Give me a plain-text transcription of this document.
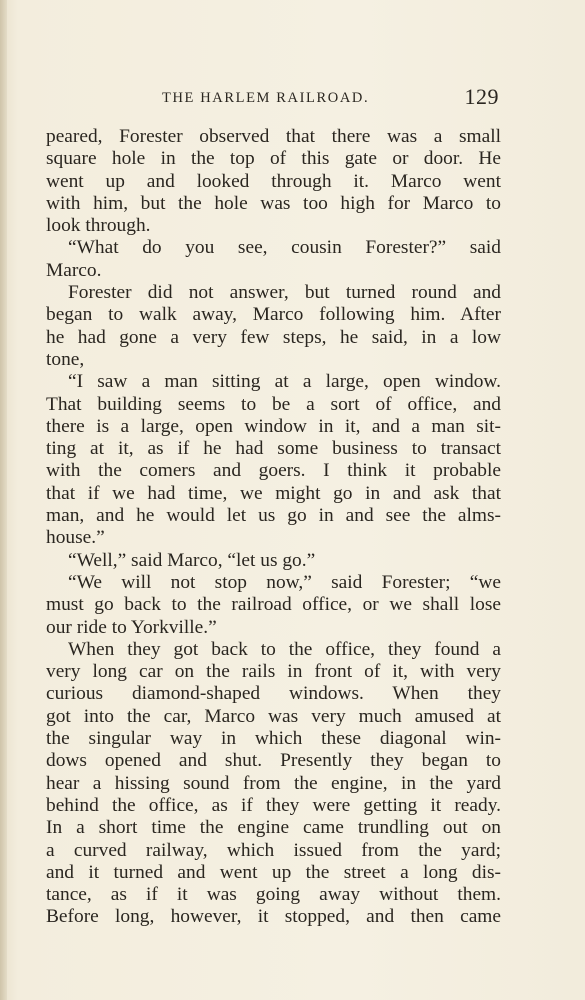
THE HARLEM RAILROAD.	129
peared, Forester observed that there was a small
square hole in the top of this gate or door. He
went up and looked through it. Marco went
with him, but the hole was too high for Marco to
look through.
“What do you see, cousin Forester?” said
Marco.
Forester did not answer, but turned round and
began to walk away, Marco following him. After
he had gone a very few steps, he said, in a low
tone,
“I saw a man sitting at a large, open window.
That building seems to be a sort of office, and
there is a large, open window in it, and a man sit-
ting at it, as if he had some business to transact
with the comers and goers. I think it probable
that if we had time, we might go in and ask that
man, and he would let us go in and see the alms-
house.”
“Well,” said Marco, “let us go.”
“We will not stop now,” said Forester; “we
must go back to the railroad office, or we shall lose
our ride to Yorkville.”
When they got back to the office, they found a
very long car on the rails in front of it, with very
curious diamond-shaped windows. When they
got into the car, Marco was very much amused at
the singular way in which these diagonal win-
dows opened and shut. Presently they began to
hear a hissing sound from the engine, in the yard
behind the office, as if they were getting it ready.
In a short time the engine came trundling out on
a curved railway, which issued from the yard;
and it turned and went up the street a long dis-
tance, as if it was going away without them.
Before long, however, it stopped, and then came
